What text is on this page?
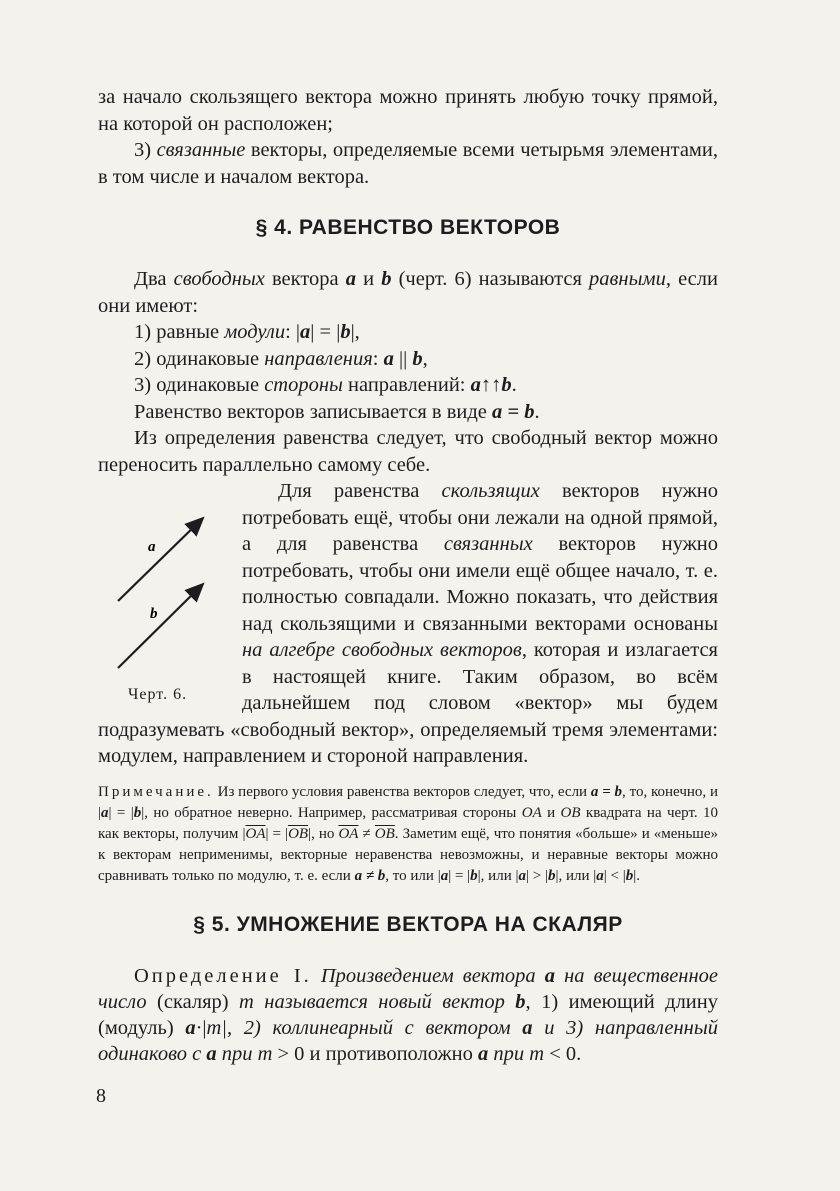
за начало скользящего вектора можно принять любую точку прямой, на которой он расположен;

3) связанные векторы, определяемые всеми четырьмя элементами, в том числе и началом вектора.

§ 4. РАВЕНСТВО ВЕКТОРОВ

Два свободных вектора a и b (черт. 6) называются равными, если они имеют:

1) равные модули: |a| = |b|,

2) одинаковые направления: a || b,

3) одинаковые стороны направлений: a↑↑b.

Равенство векторов записывается в виде a = b.

Из определения равенства следует, что свободный вектор можно переносить параллельно самому себе.

a
b
Черт. 6.

Для равенства скользящих векторов нужно потребовать ещё, чтобы они лежали на одной прямой, а для равенства связанных векторов нужно потребовать, чтобы они имели ещё общее начало, т. е. полностью совпадали. Можно показать, что действия над скользящими и связанными векторами основаны на алгебре свободных векторов, которая и излагается в настоящей книге. Таким образом, во всём дальнейшем под словом «вектор» мы будем подразумевать «свободный вектор», определяемый тремя элементами: модулем, направлением и стороной направления.

Примечание. Из первого условия равенства векторов следует, что, если a = b, то, конечно, и |a| = |b|, но обратное неверно. Например, рассматривая стороны OA и OB квадрата на черт. 10 как векторы, получим $|\overline{OA}| = |\overline{OB}|$, но $\overline{OA} \ne \overline{OB}$. Заметим ещё, что понятия «больше» и «меньше» к векторам неприменимы, векторные неравенства невозможны, и неравные векторы можно сравнивать только по модулю, т. е. если a ≠ b, то или |a| = |b|, или |a| > |b|, или |a| < |b|.

§ 5. УМНОЖЕНИЕ ВЕКТОРА НА СКАЛЯР

Определение I. Произведением вектора a на вещественное число (скаляр) m называется новый вектор b, 1) имеющий длину (модуль) a·|m|, 2) коллинеарный с вектором a и 3) направленный одинаково с a при m > 0 и противоположно a при m < 0.

8
